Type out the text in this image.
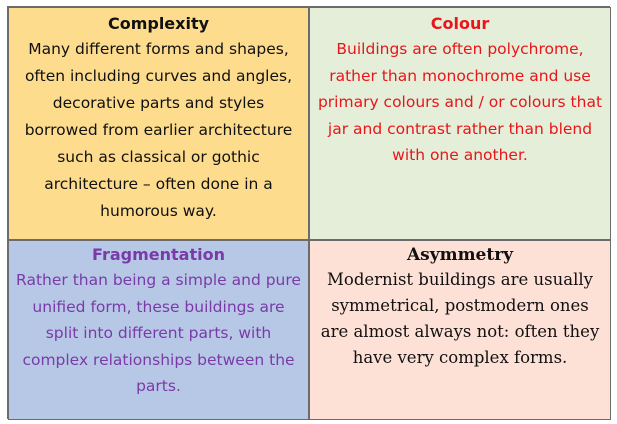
Complexity
Many different forms and shapes, often including curves and angles, decorative parts and styles borrowed from earlier architecture such as classical or gothic architecture – often done in a humorous way.
Colour
Buildings are often polychrome, rather than monochrome and use primary colours and / or colours that jar and contrast rather than blend with one another.
Fragmentation
Rather than being a simple and pure unified form, these buildings are split into different parts, with complex relationships between the parts.
Asymmetry
Modernist buildings are usually symmetrical, postmodern ones are almost always not: often they have very complex forms.
